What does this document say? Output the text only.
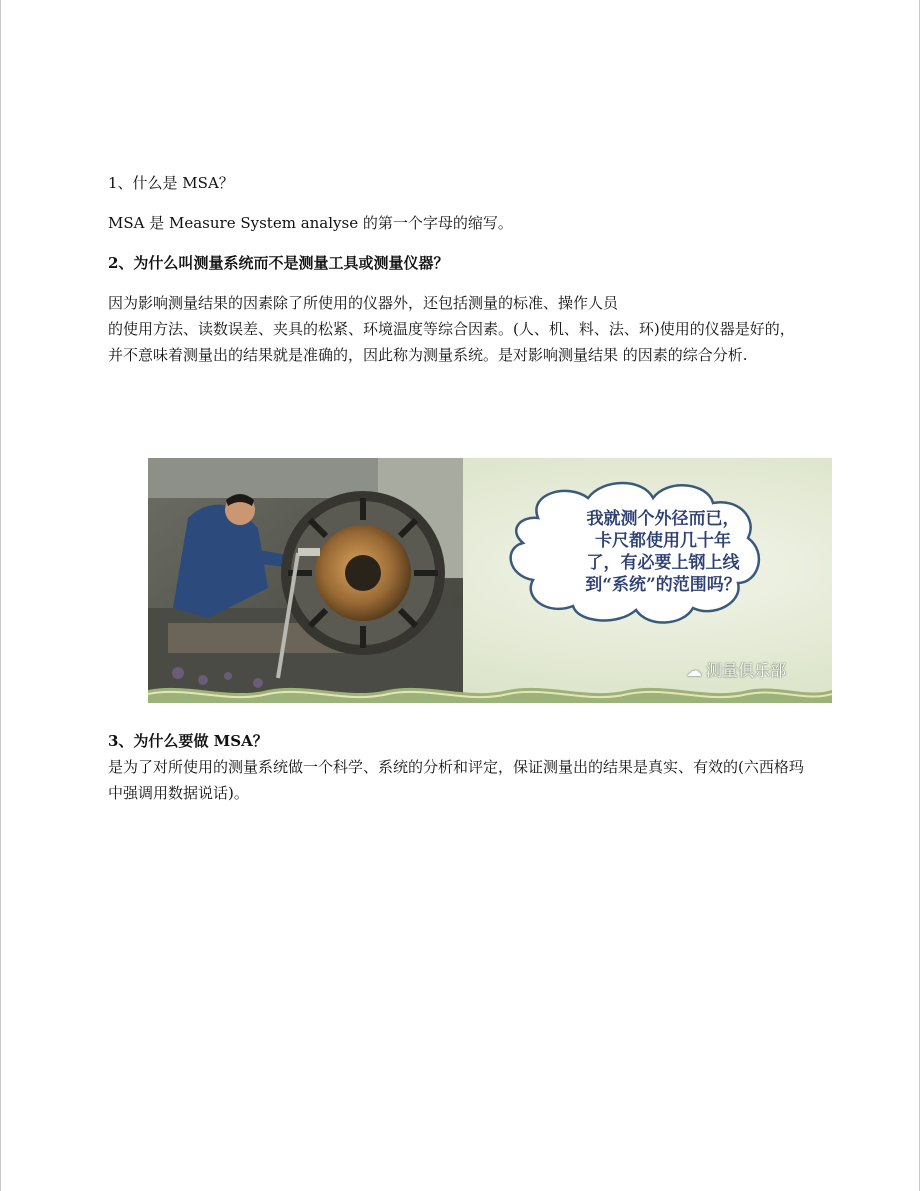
1、什么是 MSA？

MSA 是 Measure System analyse 的第一个字母的缩写。

2、为什么叫测量系统而不是测量工具或测量仪器？

因为影响测量结果的因素除了所使用的仪器外，还包括测量的标准、操作人员

的使用方法、读数误差、夹具的松紧、环境温度等综合因素。(人、机、料、法、环)使用的仪器是好的，并不意味着测量出的结果就是准确的，因此称为测量系统。是对影响测量结果 的因素的综合分析.

我就测个外径而已，
卡尺都使用几十年
了，有必要上钢上线
到“系统”的范围吗？
☁ 测量俱乐部

3、为什么要做 MSA？

是为了对所使用的测量系统做一个科学、系统的分析和评定，保证测量出的结果是真实、有效的(六西格玛中强调用数据说话)。
